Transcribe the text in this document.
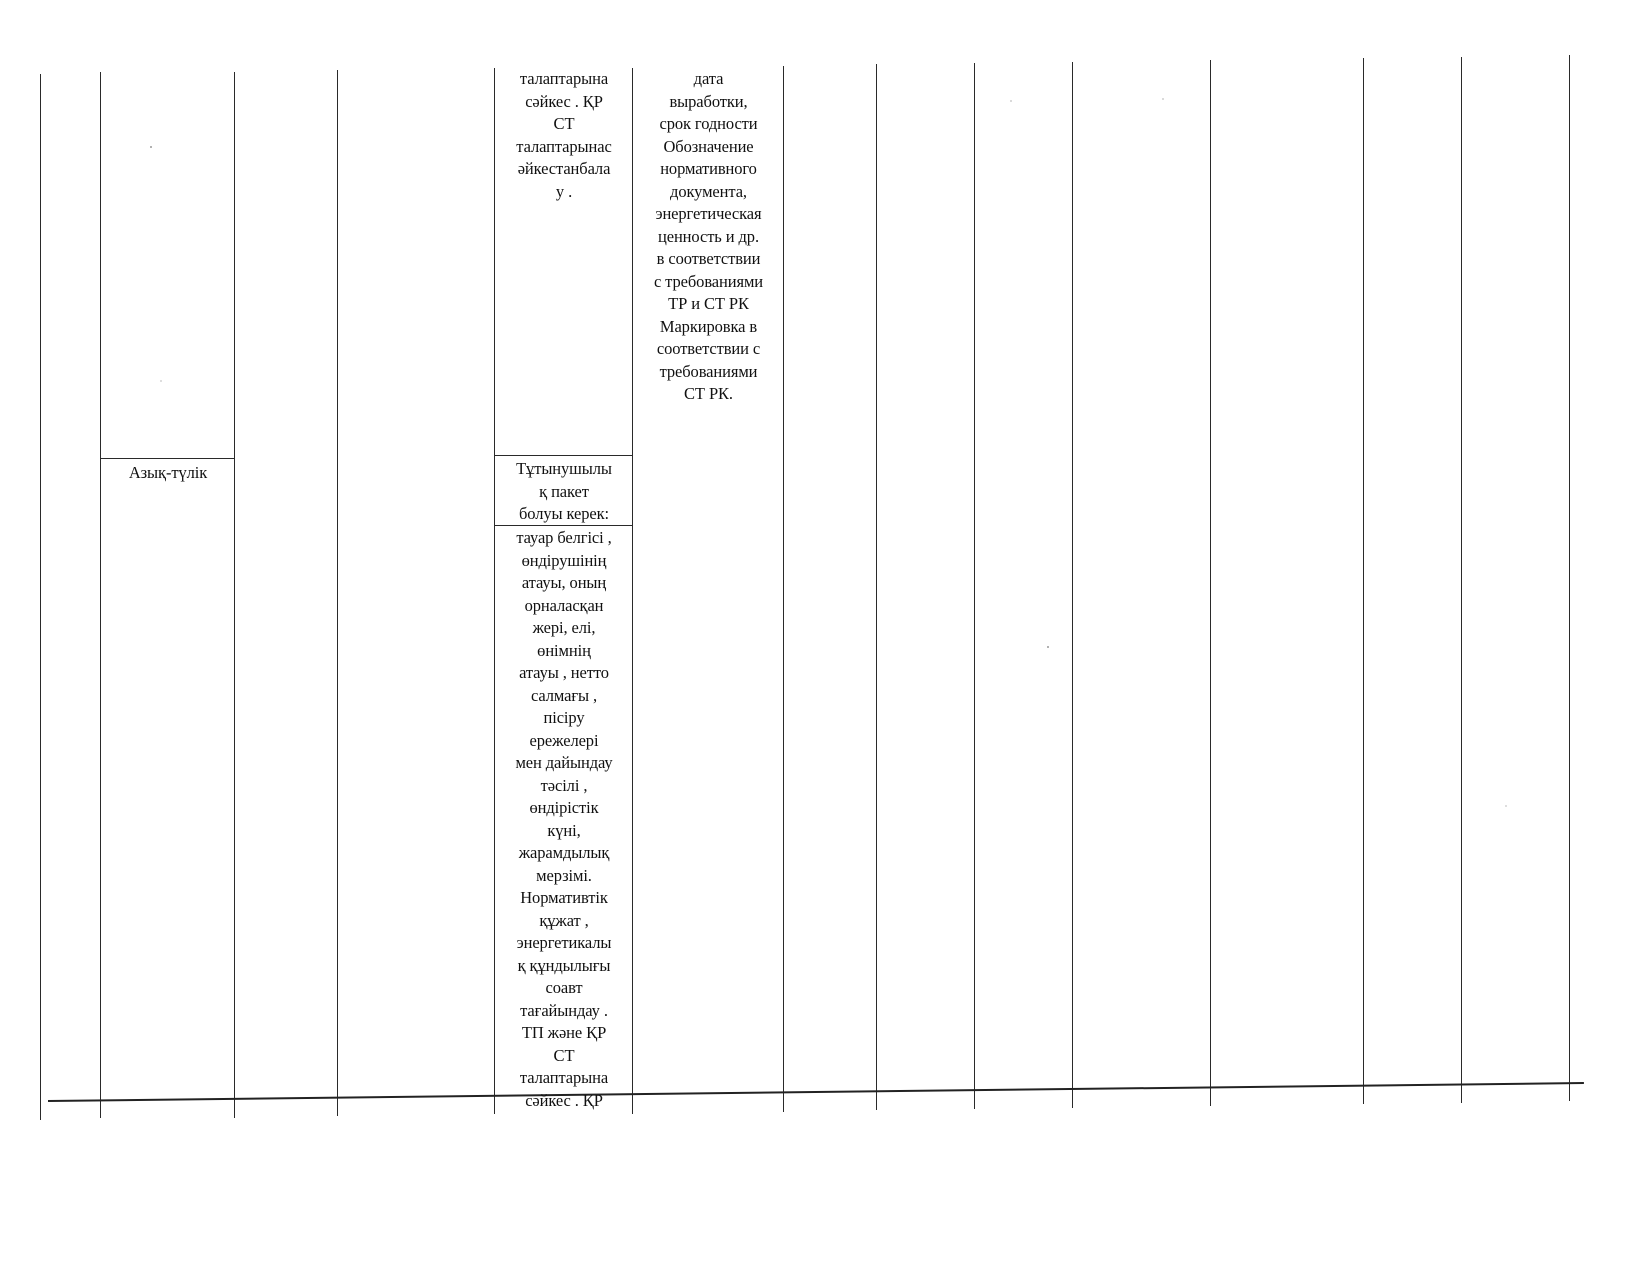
талаптарына
сәйкес . ҚР
СТ
талаптарынас
әйкестанбала
у .
дата
выработки,
срок годности
Обозначение
нормативного
документа,
энергетическая
ценность и др.
в соответствии
с требованиями
ТР и СТ РК
Маркировка в
соответствии с
требованиями
СТ РК.
Азық-түлік	Тұтынушылы
қ пакет
болуы керек:
тауар белгісі ,
өндірушінің
атауы, оның
орналасқан
жері, елі,
өнімнің
атауы , нетто
салмағы ,
пісіру
ережелері
мен дайындау
тәсілі ,
өндірістік
күні,
жарамдылық
мерзімі.
Нормативтік
құжат ,
энергетикалы
қ құндылығы
соавт
тағайындау .
ТП және ҚР
СТ
талаптарына
сәйкес . ҚР
